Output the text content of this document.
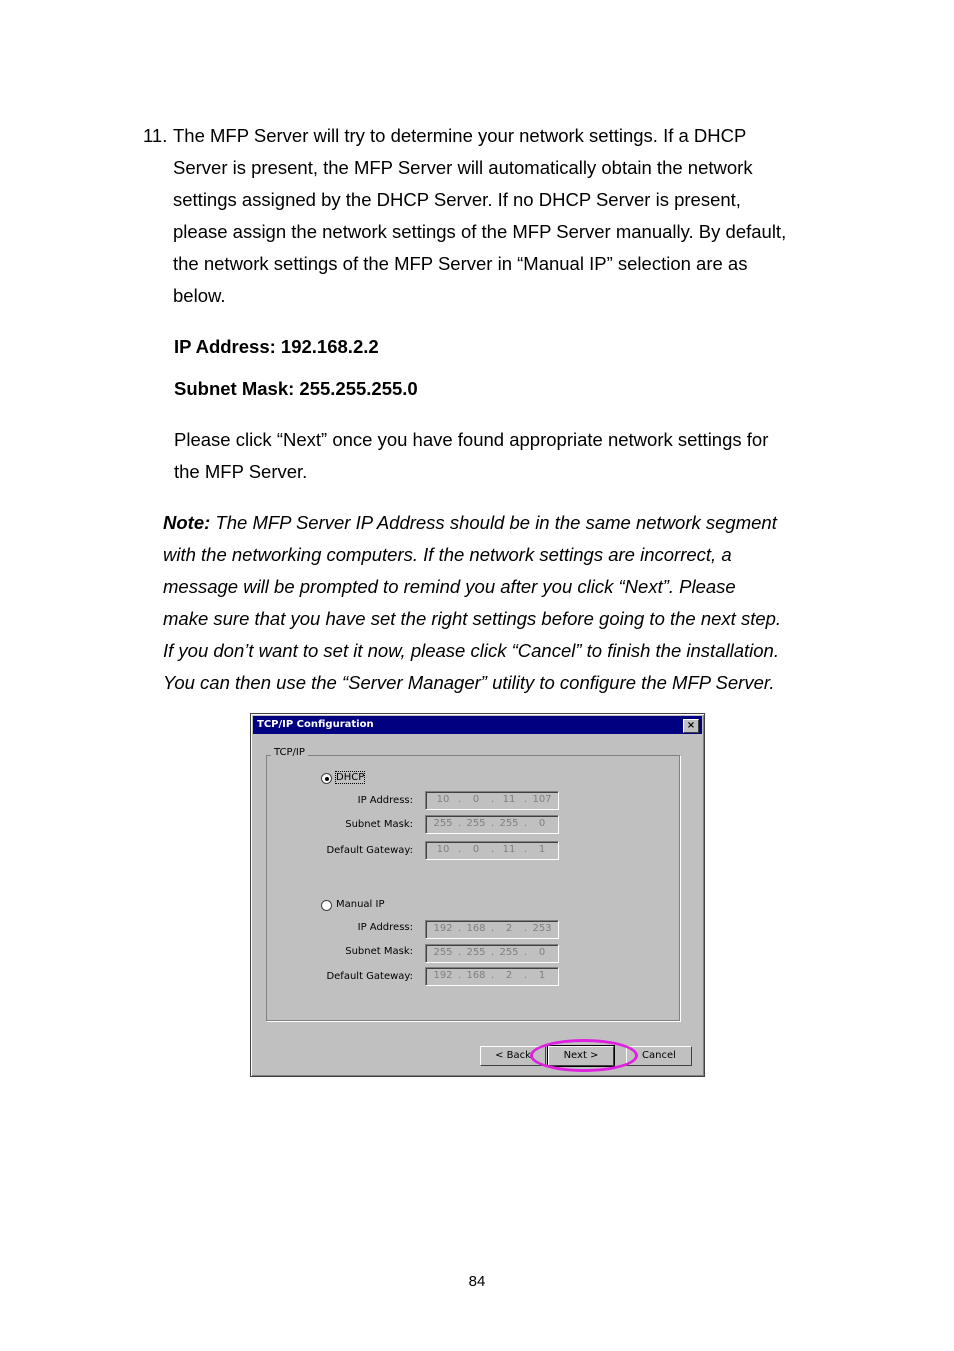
11. The MFP Server will try to determine your network settings. If a DHCP
Server is present, the MFP Server will automatically obtain the network
settings assigned by the DHCP Server. If no DHCP Server is present,
please assign the network settings of the MFP Server manually. By default,
the network settings of the MFP Server in “Manual IP” selection are as
below.
IP Address: 192.168.2.2
Subnet Mask: 255.255.255.0
Please click “Next” once you have found appropriate network settings for
the MFP Server.
Note: The MFP Server IP Address should be in the same network segment
with the networking computers. If the network settings are incorrect, a
message will be prompted to remind you after you click “Next”. Please
make sure that you have set the right settings before going to the next step.
If you don’t want to set it now, please click “Cancel” to finish the installation.
You can then use the “Server Manager” utility to configure the MFP Server.
TCP/IP Configuration	×
TCP/IP
DHCP
IP Address:	10 .	0	. 11 . 107
Subnet Mask: 255 . 255 . 255 .	0
Default Gateway:	10 .	0	. 11 .	1
Manual IP
IP Address: 192 . 168 .	2	. 253
Subnet Mask: 255 . 255 . 255 .	0
Default Gateway: 192 . 168 .	2	.	1
< Back	Next >	Cancel
84
